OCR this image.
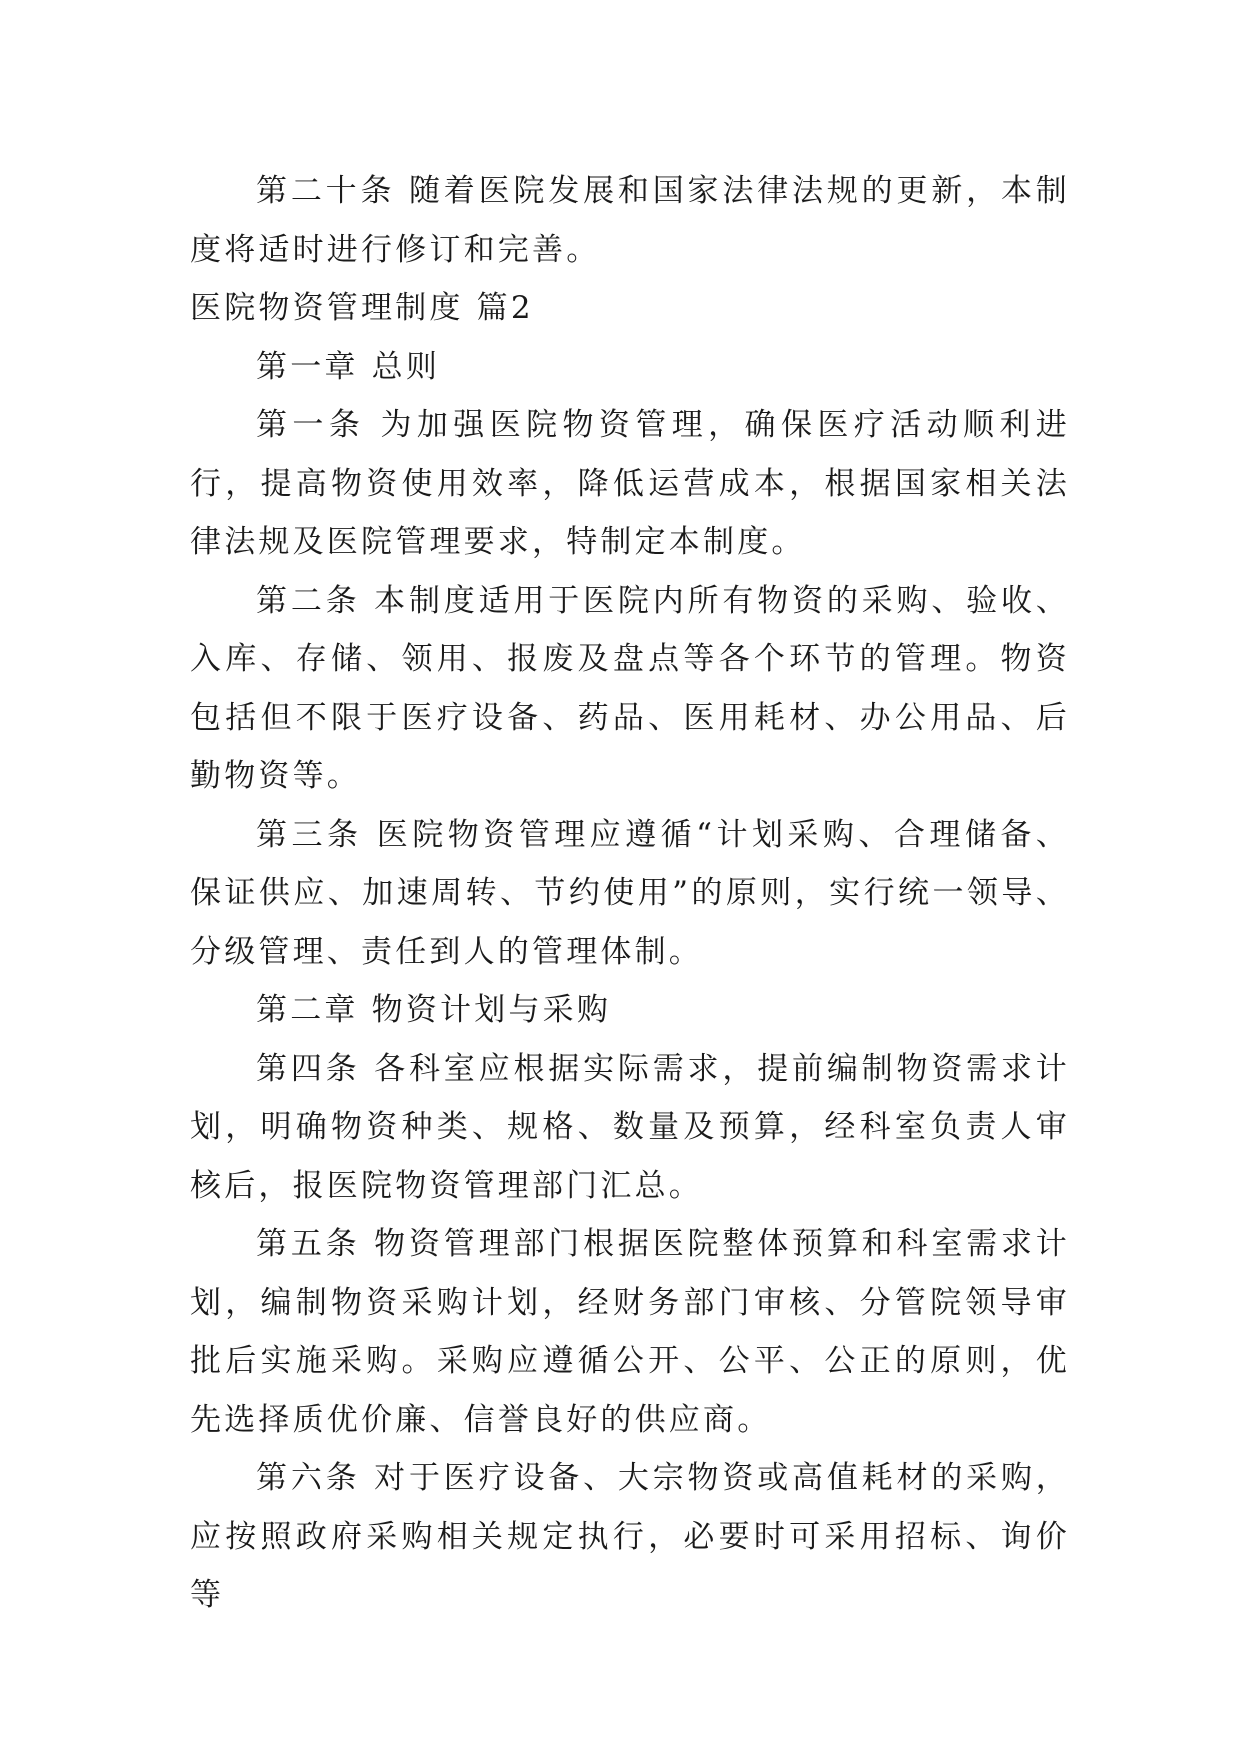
第二十条 随着医院发展和国家法律法规的更新，本制度将适时进行修订和完善。

医院物资管理制度 篇2

第一章 总则

第一条 为加强医院物资管理，确保医疗活动顺利进行，提高物资使用效率，降低运营成本，根据国家相关法律法规及医院管理要求，特制定本制度。

第二条 本制度适用于医院内所有物资的采购、验收、入库、存储、领用、报废及盘点等各个环节的管理。物资包括但不限于医疗设备、药品、医用耗材、办公用品、后勤物资等。

第三条 医院物资管理应遵循“计划采购、合理储备、保证供应、加速周转、节约使用”的原则，实行统一领导、分级管理、责任到人的管理体制。

第二章 物资计划与采购

第四条 各科室应根据实际需求，提前编制物资需求计划，明确物资种类、规格、数量及预算，经科室负责人审核后，报医院物资管理部门汇总。

第五条 物资管理部门根据医院整体预算和科室需求计划，编制物资采购计划，经财务部门审核、分管院领导审批后实施采购。采购应遵循公开、公平、公正的原则，优先选择质优价廉、信誉良好的供应商。

第六条 对于医疗设备、大宗物资或高值耗材的采购，应按照政府采购相关规定执行，必要时可采用招标、询价等
